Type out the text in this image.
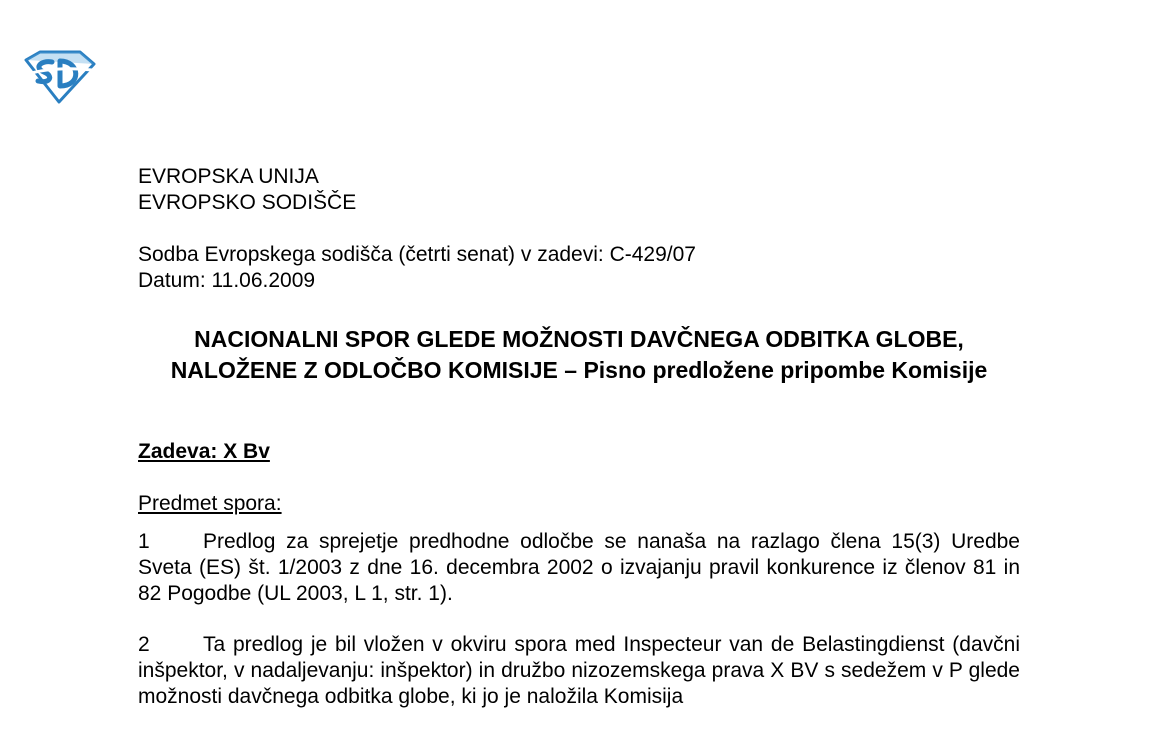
EVROPSKA UNIJA
EVROPSKO SODIŠČE
Sodba Evropskega sodišča (četrti senat) v zadevi: C-429/07
Datum: 11.06.2009
NACIONALNI SPOR GLEDE MOŽNOSTI DAVČNEGA ODBITKA GLOBE, NALOŽENE Z ODLOČBO KOMISIJE – Pisno predložene pripombe Komisije
Zadeva: X Bv
Predmet spora:
1	Predlog za sprejetje predhodne odločbe se nanaša na razlago člena 15(3) Uredbe Sveta (ES) št. 1/2003 z dne 16. decembra 2002 o izvajanju pravil konkurence iz členov 81 in 82 Pogodbe (UL 2003, L 1, str. 1).
2	Ta predlog je bil vložen v okviru spora med Inspecteur van de Belastingdienst (davčni inšpektor, v nadaljevanju: inšpektor) in družbo nizozemskega prava X BV s sedežem v P glede možnosti davčnega odbitka globe, ki jo je naložila Komisija
